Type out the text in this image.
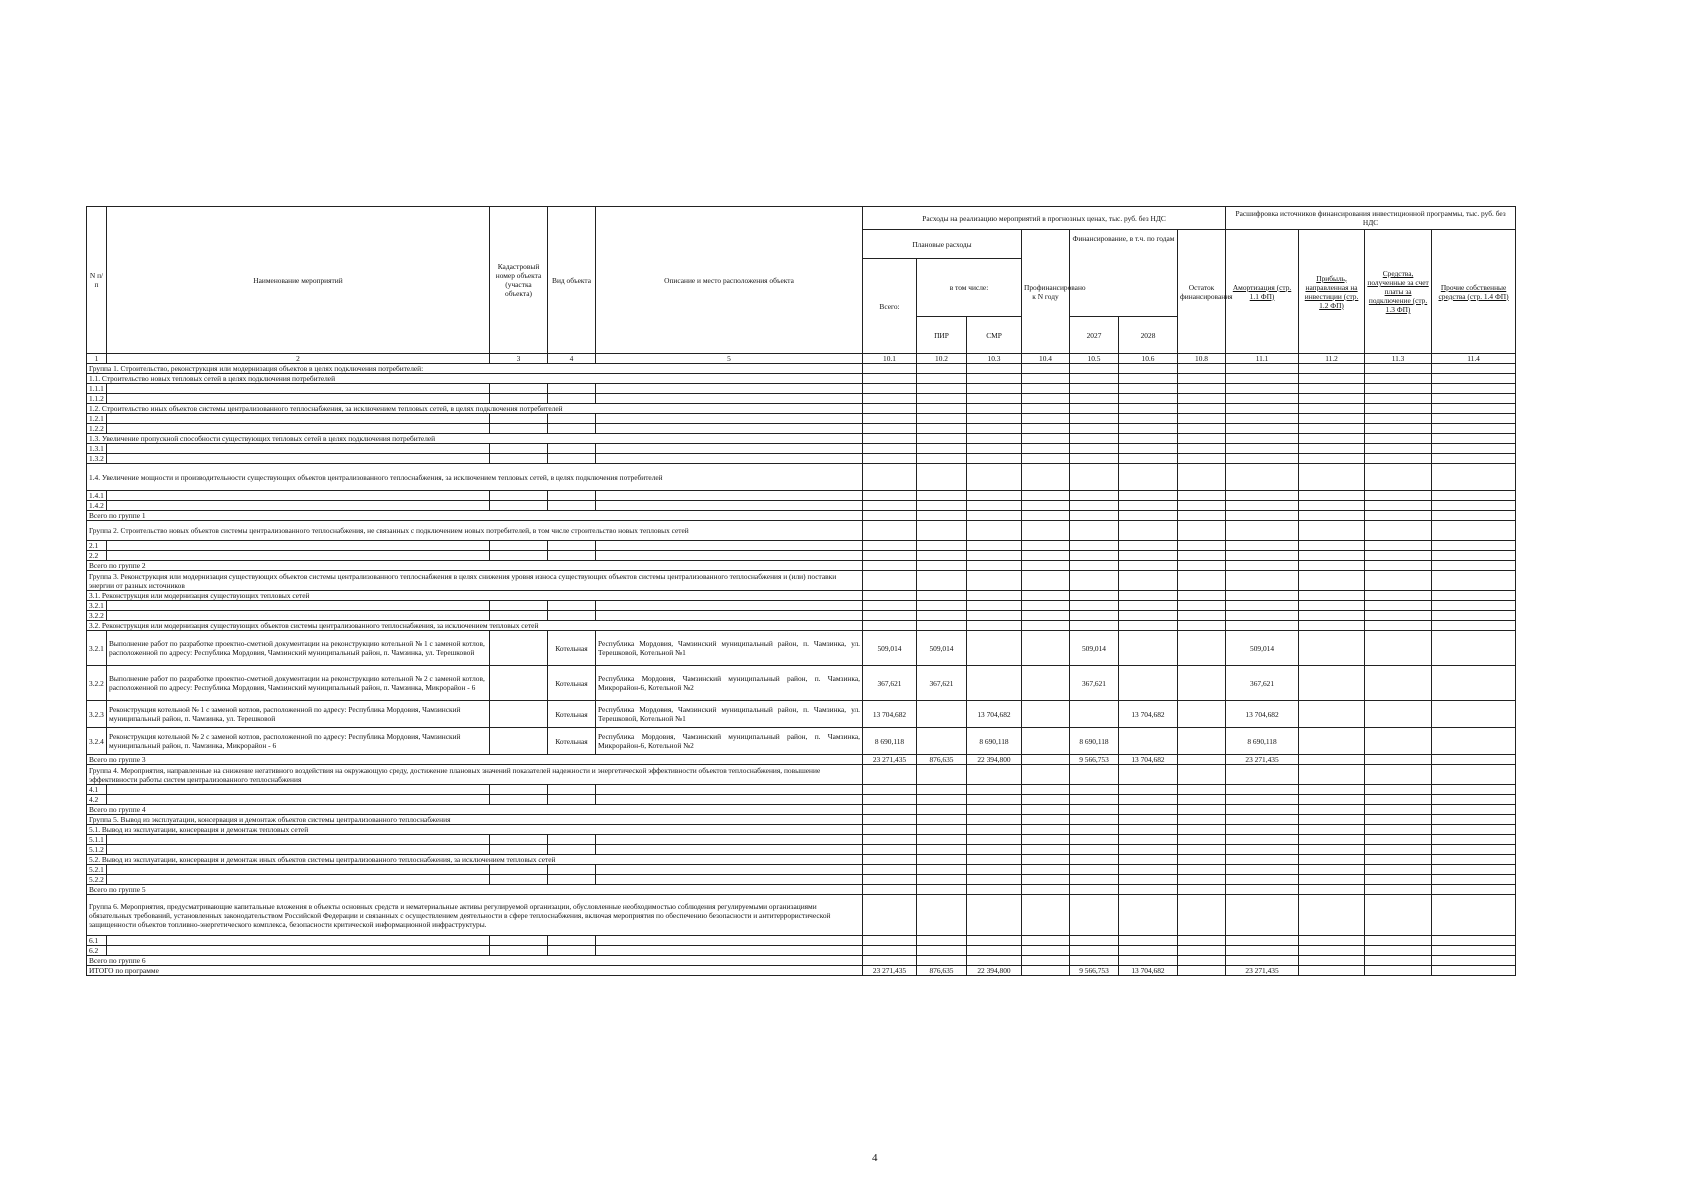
N п/п	Наименование мероприятий	Кадастровый номер объекта (участка объекта)	Вид объекта	Описание и место расположения объекта	Расходы на реализацию мероприятий в прогнозных ценах, тыс. руб. без НДС							Расшифровка источников финансирования инвестиционной программы, тыс. руб. без НДС			
					Плановые расходы			Профинансировано к N году	Финансирование, в т.ч. по годам		Остаток финансирования	Амортизация (стр. 1.1 ФП)	Прибыль, направленная на инвестиции (стр. 1.2 ФП)	Средства, полученные за счет платы за подключение (стр. 1.3 ФП)	Прочие собственные средства (стр. 1.4 ФП)
					Всего:	в том числе:									
						ПИР	СМР		2027	2028					
1	2	3	4	5	10.1	10.2	10.3	10.4	10.5	10.6	10.8	11.1	11.2	11.3	11.4
Группа 1. Строительство, реконструкция или модернизация объектов в целях подключения потребителей:															
1.1. Строительство новых тепловых сетей в целях подключения потребителей															
1.1.1															
1.1.2															
1.2. Строительство иных объектов системы централизованного теплоснабжения, за исключением тепловых сетей, в целях подключения потребителей															
1.2.1															
1.2.2															
1.3. Увеличение пропускной способности существующих тепловых сетей в целях подключения потребителей															
1.3.1															
1.3.2															
1.4. Увеличение мощности и производительности существующих объектов централизованного теплоснабжения, за исключением тепловых сетей, в целях подключения потребителей															
1.4.1															
1.4.2															
Всего по группе 1															
Группа 2. Строительство новых объектов системы централизованного теплоснабжения, не связанных с подключением новых потребителей, в том числе строительство новых тепловых сетей															
2.1															
2.2															
Всего по группе 2															
Группа 3. Реконструкция или модернизация существующих объектов системы централизованного теплоснабжения в целях снижения уровня износа существующих объектов системы централизованного теплоснабжения и (или) поставки энергии от разных источников															
3.1. Реконструкция или модернизация существующих тепловых сетей															
3.2.1															
3.2.2															
3.2. Реконструкция или модернизация существующих объектов системы централизованного теплоснабжения, за исключением тепловых сетей															
3.2.1	Выполнение работ по разработке проектно-сметной документации на реконструкцию котельной № 1 с заменой котлов, расположенной по адресу: Республика Мордовия, Чамзинский муниципальный район, п. Чамзинка, ул. Терешковой		Котельная	Республика Мордовия, Чамзинский муниципальный район, п. Чамзинка, ул. Терешковой, Котельной №1	509,014	509,014			509,014			509,014			
3.2.2	Выполнение работ по разработке проектно-сметной документации на реконструкцию котельной № 2 с заменой котлов, расположенной по адресу: Республика Мордовия, Чамзинский муниципальный район, п. Чамзинка, Микрорайон - 6		Котельная	Республика Мордовия, Чамзинский муниципальный район, п. Чамзинка, Микрорайон-6, Котельной №2	367,621	367,621			367,621			367,621			
3.2.3	Реконструкция котельной № 1 с заменой котлов, расположенной по адресу: Республика Мордовия, Чамзинский муниципальный район, п. Чамзинка, ул. Терешковой		Котельная	Республика Мордовия, Чамзинский муниципальный район, п. Чамзинка, ул. Терешковой, Котельной №1	13 704,682		13 704,682			13 704,682		13 704,682			
3.2.4	Реконструкция котельной № 2 с заменой котлов, расположенной по адресу: Республика Мордовия, Чамзинский муниципальный район, п. Чамзинка, Микрорайон - 6		Котельная	Республика Мордовия, Чамзинский муниципальный район, п. Чамзинка, Микрорайон-6, Котельной №2	8 690,118		8 690,118		8 690,118			8 690,118			
Всего по группе 3					23 271,435	876,635	22 394,800		9 566,753	13 704,682		23 271,435			
Группа 4. Мероприятия, направленные на снижение негативного воздействия на окружающую среду, достижение плановых значений показателей надежности и энергетической эффективности объектов теплоснабжения, повышение эффективности работы систем централизованного теплоснабжения															
4.1															
4.2															
Всего по группе 4															
Группа 5. Вывод из эксплуатации, консервация и демонтаж объектов системы централизованного теплоснабжения															
5.1. Вывод из эксплуатации, консервация и демонтаж тепловых сетей															
5.1.1															
5.1.2															
5.2. Вывод из эксплуатации, консервация и демонтаж иных объектов системы централизованного теплоснабжения, за исключением тепловых сетей															
5.2.1															
5.2.2															
Всего по группе 5															
Группа 6. Мероприятия, предусматривающие капитальные вложения в объекты основных средств и нематериальные активы регулируемой организации, обусловленные необходимостью соблюдения регулируемыми организациями обязательных требований, установленных законодательством Российской Федерации и связанных с осуществлением деятельности в сфере теплоснабжения, включая мероприятия по обеспечению безопасности и антитеррористической защищенности объектов топливно-энергетического комплекса, безопасности критической информационной инфраструктуры.															
6.1															
6.2															
Всего по группе 6															
ИТОГО по программе					23 271,435	876,635	22 394,800		9 566,753	13 704,682		23 271,435			
4
